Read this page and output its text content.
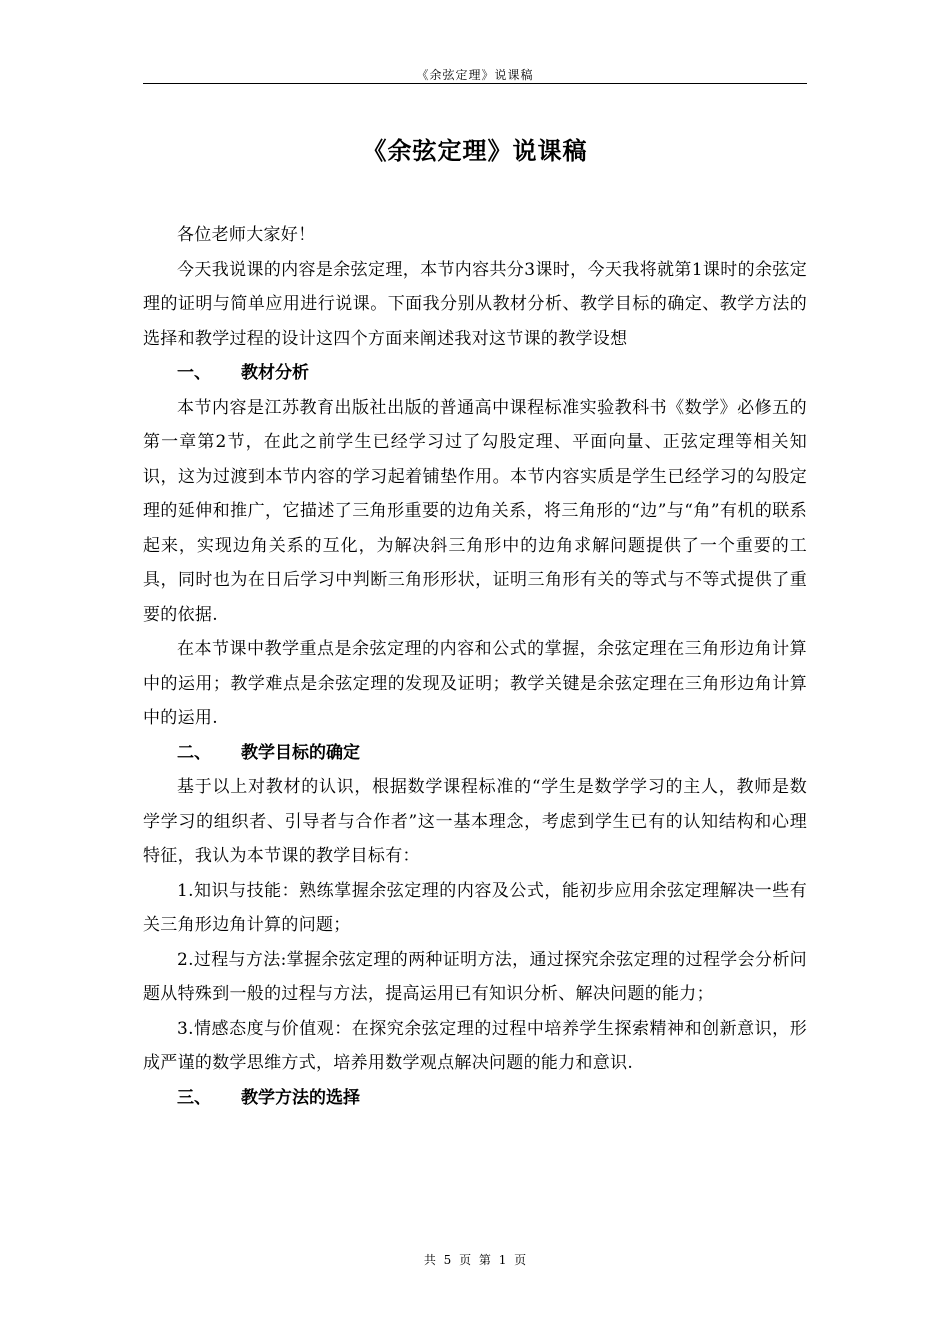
《余弦定理》说课稿
《余弦定理》说课稿

各位老师大家好！

今天我说课的内容是余弦定理，本节内容共分3课时，今天我将就第1课时的余弦定理的证明与简单应用进行说课。下面我分别从教材分析、教学目标的确定、教学方法的选择和教学过程的设计这四个方面来阐述我对这节课的教学设想

一、 教材分析

本节内容是江苏教育出版社出版的普通高中课程标准实验教科书《数学》必修五的第一章第2节，在此之前学生已经学习过了勾股定理、平面向量、正弦定理等相关知识，这为过渡到本节内容的学习起着铺垫作用。本节内容实质是学生已经学习的勾股定理的延伸和推广，它描述了三角形重要的边角关系，将三角形的“边”与“角”有机的联系起来，实现边角关系的互化，为解决斜三角形中的边角求解问题提供了一个重要的工具，同时也为在日后学习中判断三角形形状，证明三角形有关的等式与不等式提供了重要的依据.

在本节课中教学重点是余弦定理的内容和公式的掌握，余弦定理在三角形边角计算中的运用；教学难点是余弦定理的发现及证明；教学关键是余弦定理在三角形边角计算中的运用.

二、 教学目标的确定

基于以上对教材的认识，根据数学课程标准的“学生是数学学习的主人，教师是数学学习的组织者、引导者与合作者”这一基本理念，考虑到学生已有的认知结构和心理特征，我认为本节课的教学目标有：

1.知识与技能：熟练掌握余弦定理的内容及公式，能初步应用余弦定理解决一些有关三角形边角计算的问题；

2.过程与方法:掌握余弦定理的两种证明方法，通过探究余弦定理的过程学会分析问题从特殊到一般的过程与方法，提高运用已有知识分析、解决问题的能力；

3.情感态度与价值观：在探究余弦定理的过程中培养学生探索精神和创新意识，形成严谨的数学思维方式，培养用数学观点解决问题的能力和意识.

三、 教学方法的选择

共 5 页 第 1 页
